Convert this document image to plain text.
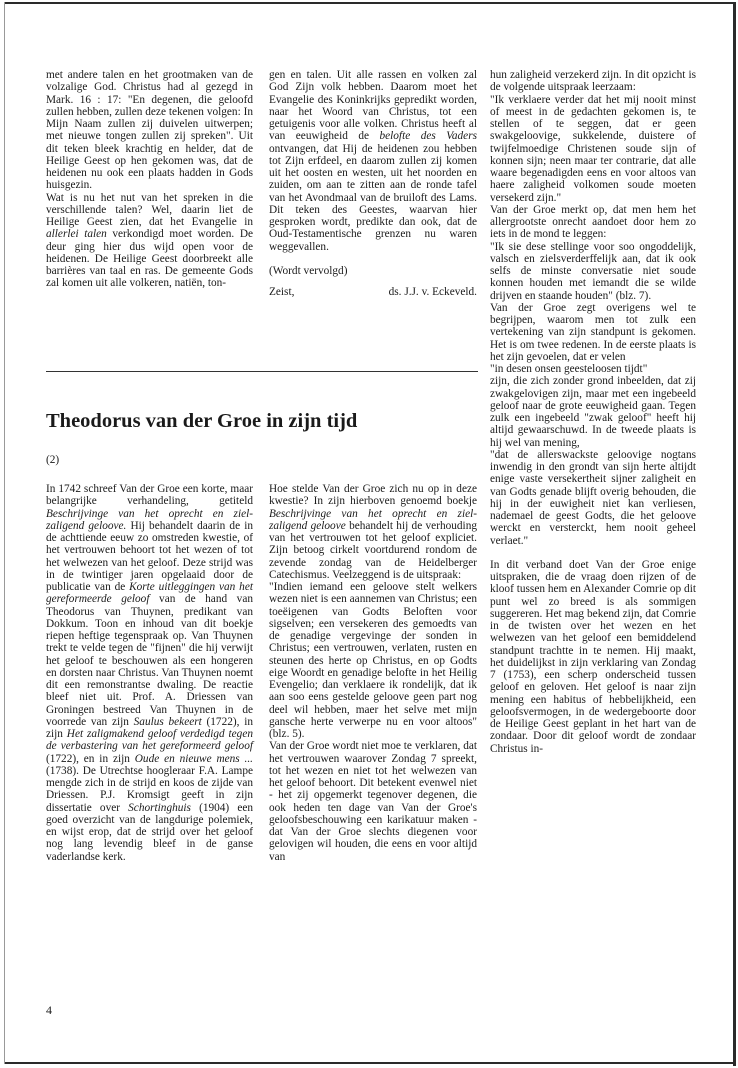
met andere talen en het grootmaken van de volzalige God. Christus had al gezegd in Mark. 16 : 17: "En degenen, die geloofd zullen hebben, zullen deze tekenen volgen: In Mijn Naam zullen zij duivelen uitwerpen; met nieuwe tongen zullen zij spreken". Uit dit teken bleek krachtig en helder, dat de Heilige Geest op hen gekomen was, dat de heidenen nu ook een plaats hadden in Gods huisgezin.

Wat is nu het nut van het spreken in die verschillende talen? Wel, daarin liet de Heilige Geest zien, dat het Evangelie in allerlei talen verkondigd moet worden. De deur ging hier dus wijd open voor de heidenen. De Heilige Geest doorbreekt alle barrières van taal en ras. De gemeente Gods zal komen uit alle volkeren, natiën, ton-

gen en talen. Uit alle rassen en volken zal God Zijn volk hebben. Daarom moet het Evangelie des Koninkrijks gepredikt worden, naar het Woord van Christus, tot een getuigenis voor alle volken. Christus heeft al van eeuwigheid de beloftе des Vaders ontvangen, dat Hij de heidenen zou hebben tot Zijn erfdeel, en daarom zullen zij komen uit het oosten en westen, uit het noorden en zuiden, om aan te zitten aan de ronde tafel van het Avondmaal van de bruiloft des Lams. Dit teken des Geestes, waarvan hier gesproken wordt, predikte dan ook, dat de Oud-Testamentische grenzen nu waren weggevallen.

(Wordt vervolgd)

Zeist,	ds. J.J. v. Eckeveld.

hun zaligheid verzekerd zijn. In dit opzicht is de volgende uitspraak leerzaam:

"Ik verklaere verder dat het mij nooit minst of meest in de gedachten gekomen is, te stellen of te seggen, dat er geen swakgeloovige, sukkelende, duistere of twijfelmoedige Christenen soude sijn of konnen sijn; neen maar ter contrarie, dat alle waare begenadigden eens en voor altoos van haere zaligheid volkomen soude moeten versekerd zijn."

Van der Groe merkt op, dat men hem het allergrootste onrecht aandoet door hem zo iets in de mond te leggen:

"Ik sie dese stellinge voor soo ongoddelijk, valsch en zielsverderffelijk aan, dat ik ook selfs de minste conversatie niet soude konnen houden met iemandt die se wilde drijven en staande houden" (blz. 7).

Van der Groe zegt overigens wel te begrijpen, waarom men tot zulk een vertekening van zijn standpunt is gekomen. Het is om twee redenen. In de eerste plaats is het zijn gevoelen, dat er velen

"in desen onsen geesteloosen tijdt"

zijn, die zich zonder grond inbeelden, dat zij zwakgelovigen zijn, maar met een ingebeeld geloof naar de grote eeuwigheid gaan. Tegen zulk een ingebeeld "zwak geloof" heeft hij altijd gewaarschuwd. In de tweede plaats is hij wel van mening,

"dat de allerswackste geloovige nogtans inwendig in den grondt van sijn herte altijdt enige vaste versekertheit sijner zaligheit en van Godts genade blijft overig behouden, die hij in der euwigheit niet kan verliesen, nademael de geest Godts, die het geloove werckt en versterckt, hem nooit geheel verlaet."

In dit verband doet Van der Groe enige uitspraken, die de vraag doen rijzen of de kloof tussen hem en Alexander Comrie op dit punt wel zo breed is als sommigen suggereren. Het mag bekend zijn, dat Comrie in de twisten over het wezen en het welwezen van het geloof een bemiddelend standpunt trachtte in te nemen. Hij maakt, het duidelijkst in zijn verklaring van Zondag 7 (1753), een scherp onderscheid tussen geloof en geloven. Het geloof is naar zijn mening een habitus of hebbelijkheid, een geloofsvermogen, in de wedergeboorte door de Heilige Geest geplant in het hart van de zondaar. Door dit geloof wordt de zondaar Christus in-

Theodorus van der Groe in zijn tijd
(2)

In 1742 schreef Van der Groe een korte, maar belangrijke verhandeling, getiteld Beschrijvinge van het oprecht en ziel-zaligend geloove. Hij behandelt daarin de in de achttiende eeuw zo omstreden kwestie, of het vertrouwen behoort tot het wezen of tot het welwezen van het geloof. Deze strijd was in de twintiger jaren opgelaaid door de publicatie van de Korte uitleggingen van het gereformeerde geloof van de hand van Theodorus van Thuynen, predikant van Dokkum. Toon en inhoud van dit boekje riepen heftige tegenspraak op. Van Thuynen trekt te velde tegen de "fijnen" die hij verwijt het geloof te beschouwen als een hongeren en dorsten naar Christus. Van Thuynen noemt dit een remonstrantse dwaling. De reactie bleef niet uit. Prof. A. Driessen van Groningen bestreed Van Thuynen in de voorrede van zijn Saulus bekeert (1722), in zijn Het zaligmakend geloof verdedigd tegen de verbastering van het gereformeerd geloof (1722), en in zijn Oude en nieuwe mens ... (1738). De Utrechtse hoogleraar F.A. Lampe mengde zich in de strijd en koos de zijde van Driessen. P.J. Kromsigt geeft in zijn dissertatie over Schortinghuis (1904) een goed overzicht van de langdurige polemiek, en wijst erop, dat de strijd over het geloof nog lang levendig bleef in de ganse vaderlandse kerk.

Hoe stelde Van der Groe zich nu op in deze kwestie? In zijn hierboven genoemd boekje Beschrijvinge van het oprecht en ziel-zaligend geloove behandelt hij de verhouding van het vertrouwen tot het geloof expliciet. Zijn betoog cirkelt voortdurend rondom de zevende zondag van de Heidelberger Catechismus. Veelzeggend is de uitspraak:

"Indien iemand een geloove stelt welkers wezen niet is een aannemen van Christus; een toeëigenen van Godts Beloften voor sigselven; een versekeren des gemoedts van de genadige vergevinge der sonden in Christus; een vertrouwen, verlaten, rusten en steunen des herte op Christus, en op Godts eige Woordt en genadige belofte in het Heilig Evengelio; dan verklaere ik rondelijk, dat ik aan soo eens gestelde geloove geen part nog deel wil hebben, maer het selve met mijn gansche herte verwerpe nu en voor altoos" (blz. 5).

Van der Groe wordt niet moe te verklaren, dat het vertrouwen waarover Zondag 7 spreekt, tot het wezen en niet tot het welwezen van het geloof behoort. Dit betekent evenwel niet - het zij opgemerkt tegenover degenen, die ook heden ten dage van Van der Groe's geloofsbeschouwing een karikatuur maken - dat Van der Groe slechts diegenen voor gelovigen wil houden, die eens en voor altijd van

4
